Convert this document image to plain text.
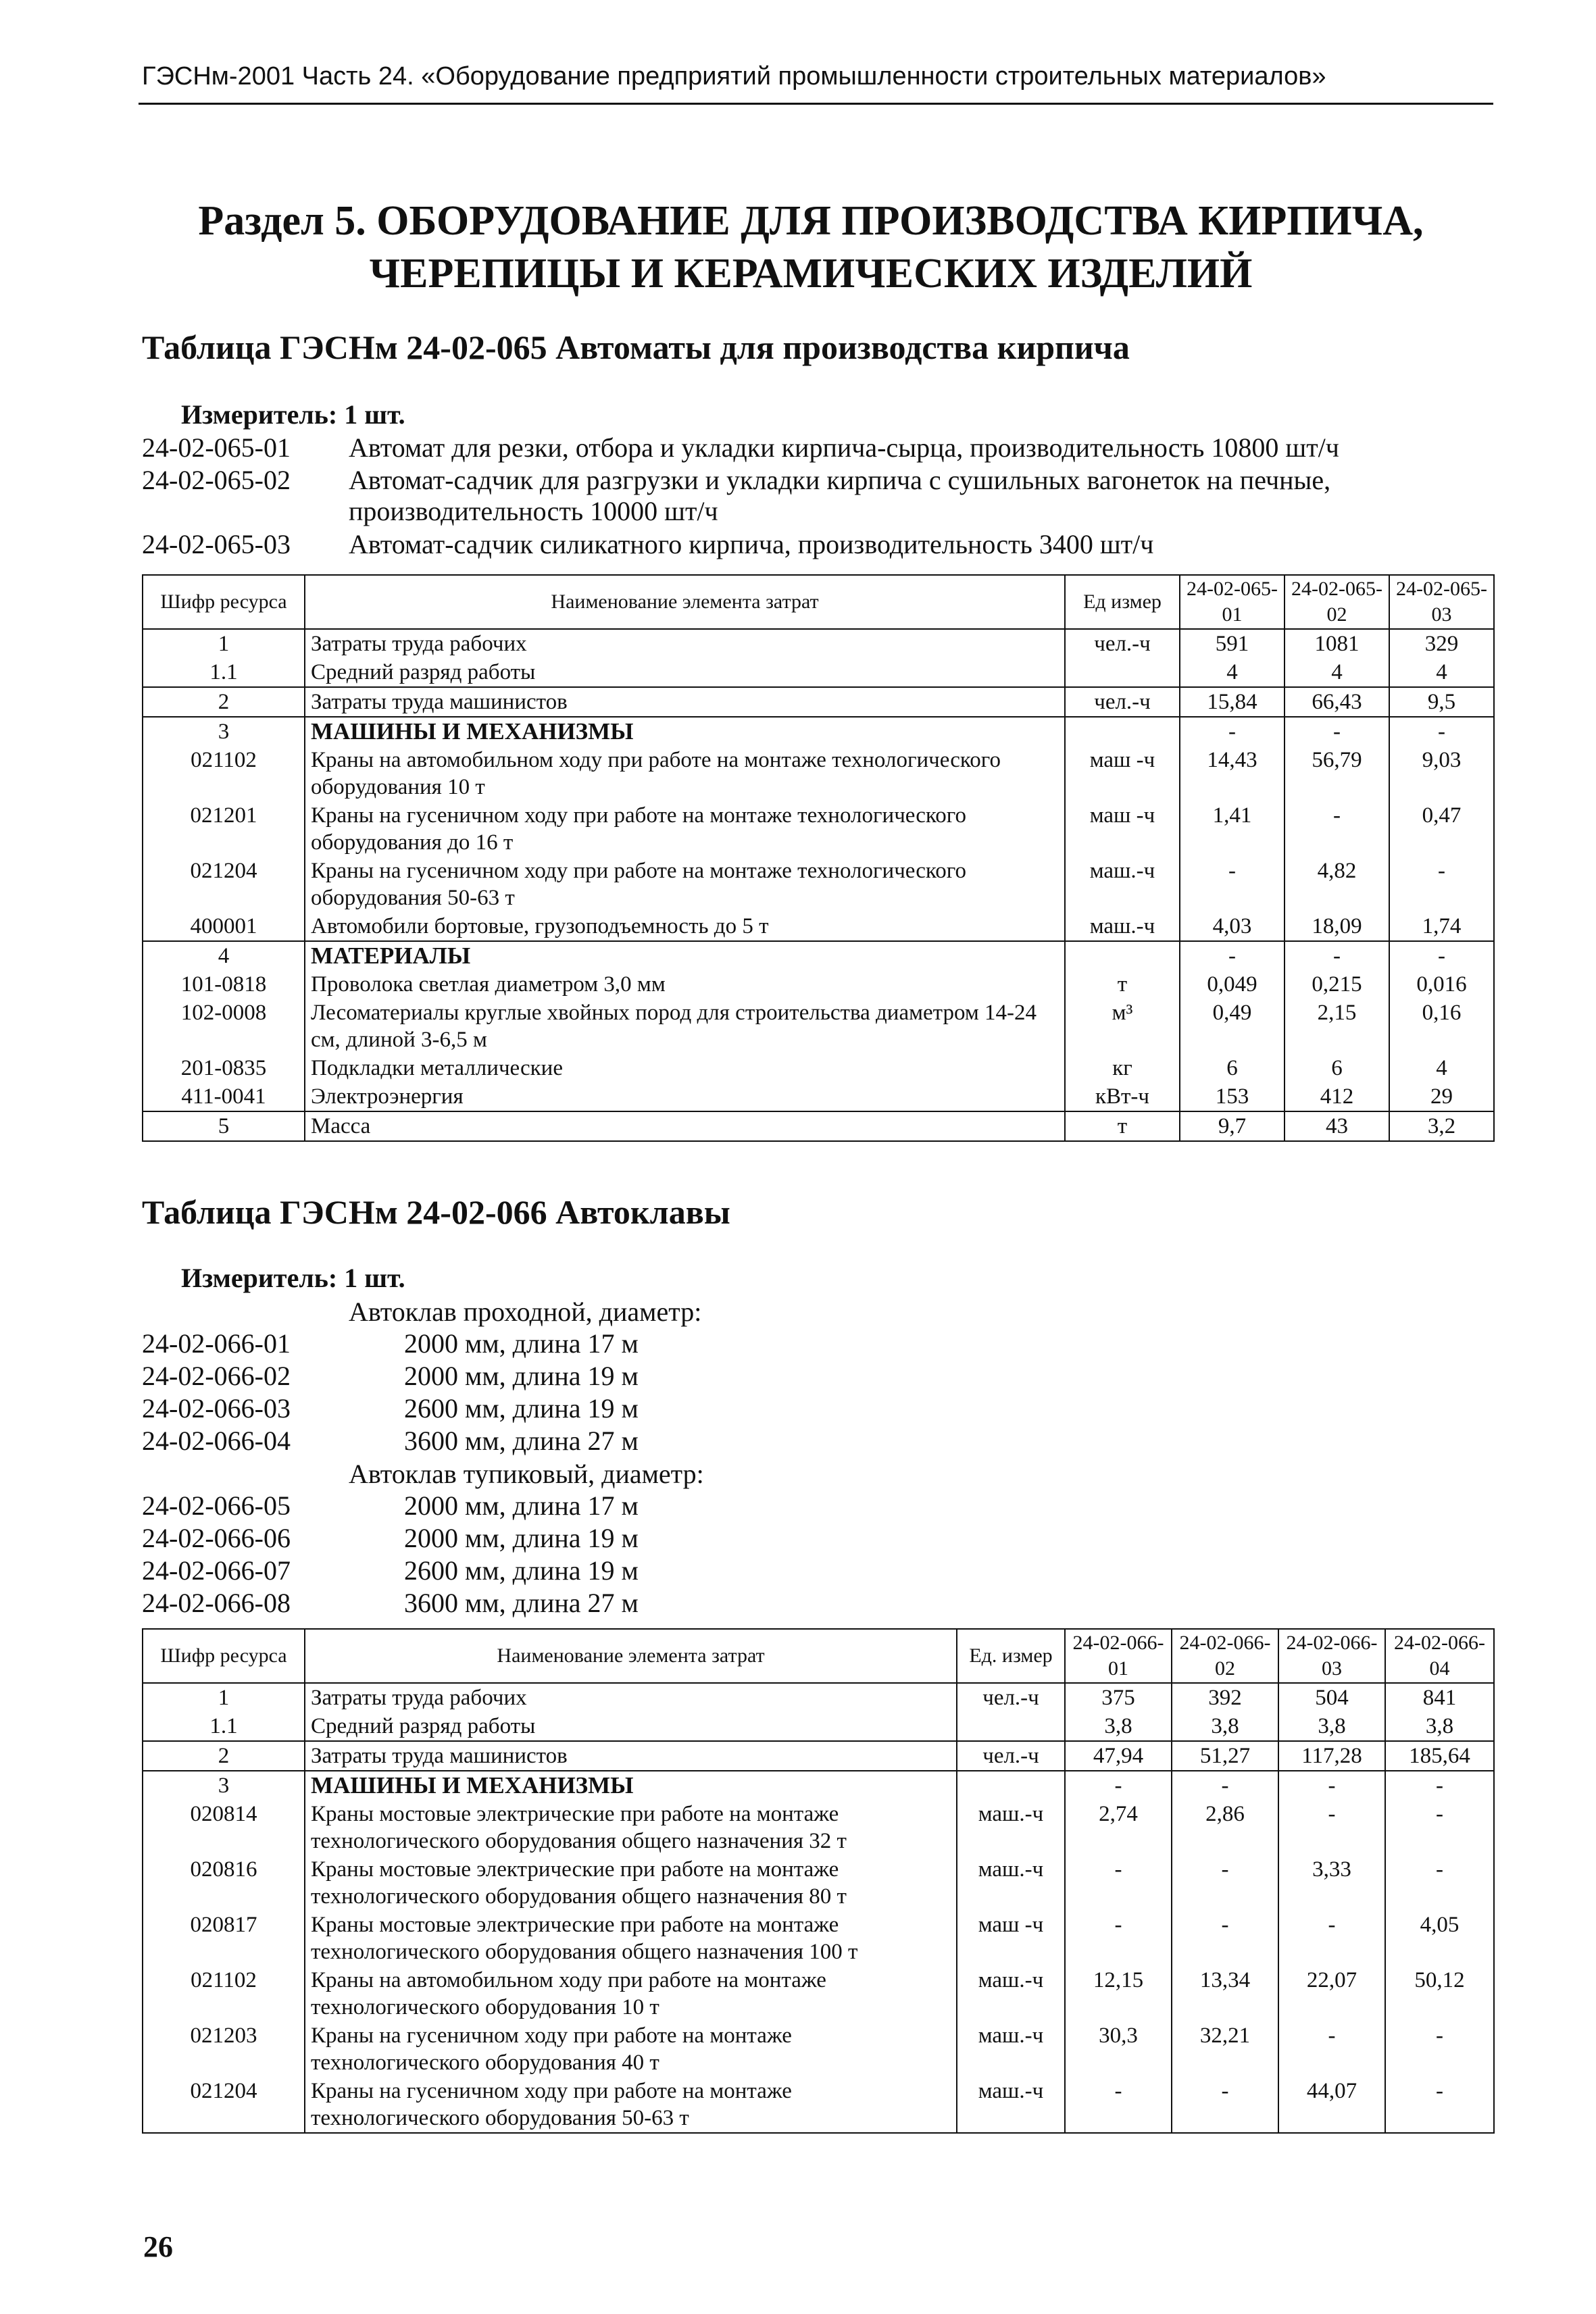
ГЭСНм-2001 Часть 24. «Оборудование предприятий промышленности строительных материалов»
Раздел 5. ОБОРУДОВАНИЕ ДЛЯ ПРОИЗВОДСТВА КИРПИЧА,
ЧЕРЕПИЦЫ И КЕРАМИЧЕСКИХ ИЗДЕЛИЙ
Таблица ГЭСНм 24-02-065 Автоматы для производства кирпича
Измеритель: 1 шт.
24-02-065-01 Автомат для резки, отбора и укладки кирпича-сырца, производительность 10800 шт/ч
24-02-065-02 Автомат-садчик для разгрузки и укладки кирпича с сушильных вагонеток на печные, производительность 10000 шт/ч
24-02-065-03 Автомат-садчик силикатного кирпича, производительность 3400 шт/ч
Шифр ресурса	Наименование элемента затрат	Ед измер	24-02-065-01	24-02-065-02	24-02-065-03
1	Затраты труда рабочих	чел.-ч	591	1081	329
1.1	Средний разряд работы		4	4	4
2	Затраты труда машинистов	чел.-ч	15,84	66,43	9,5
3	МАШИНЫ И МЕХАНИЗМЫ		-	-	-
021102	Краны на автомобильном ходу при работе на монтаже технологического оборудования 10 т	маш -ч	14,43	56,79	9,03
021201	Краны на гусеничном ходу при работе на монтаже технологического оборудования до 16 т	маш -ч	1,41	-	0,47
021204	Краны на гусеничном ходу при работе на монтаже технологического оборудования 50-63 т	маш.-ч	-	4,82	-
400001	Автомобили бортовые, грузоподъемность до 5 т	маш.-ч	4,03	18,09	1,74
4	МАТЕРИАЛЫ		-	-	-
101-0818	Проволока светлая диаметром 3,0 мм	т	0,049	0,215	0,016
102-0008	Лесоматериалы круглые хвойных пород для строительства диаметром 14-24 см, длиной 3-6,5 м	м³	0,49	2,15	0,16
201-0835	Подкладки металлические	кг	6	6	4
411-0041	Электроэнергия	кВт-ч	153	412	29
5	Масса	т	9,7	43	3,2
Таблица ГЭСНм 24-02-066 Автоклавы
Измеритель: 1 шт.
Автоклав проходной, диаметр:
24-02-066-01	2000 мм, длина 17 м
24-02-066-02	2000 мм, длина 19 м
24-02-066-03	2600 мм, длина 19 м
24-02-066-04	3600 мм, длина 27 м
Автоклав тупиковый, диаметр:
24-02-066-05	2000 мм, длина 17 м
24-02-066-06	2000 мм, длина 19 м
24-02-066-07	2600 мм, длина 19 м
24-02-066-08	3600 мм, длина 27 м
Шифр ресурса	Наименование элемента затрат	Ед. измер	24-02-066-01	24-02-066-02	24-02-066-03	24-02-066-04
1	Затраты труда рабочих	чел.-ч	375	392	504	841
1.1	Средний разряд работы		3,8	3,8	3,8	3,8
2	Затраты труда машинистов	чел.-ч	47,94	51,27	117,28	185,64
3	МАШИНЫ И МЕХАНИЗМЫ		-	-	-	-
020814	Краны мостовые электрические при работе на монтаже технологического оборудования общего назначения 32 т	маш.-ч	2,74	2,86	-	-
020816	Краны мостовые электрические при работе на монтаже технологического оборудования общего назначения 80 т	маш.-ч	-	-	3,33	-
020817	Краны мостовые электрические при работе на монтаже технологического оборудования общего назначения 100 т	маш -ч	-	-	-	4,05
021102	Краны на автомобильном ходу при работе на монтаже технологического оборудования 10 т	маш.-ч	12,15	13,34	22,07	50,12
021203	Краны на гусеничном ходу при работе на монтаже технологического оборудования 40 т	маш.-ч	30,3	32,21	-	-
021204	Краны на гусеничном ходу при работе на монтаже технологического оборудования 50-63 т	маш.-ч	-	-	44,07	-
26
